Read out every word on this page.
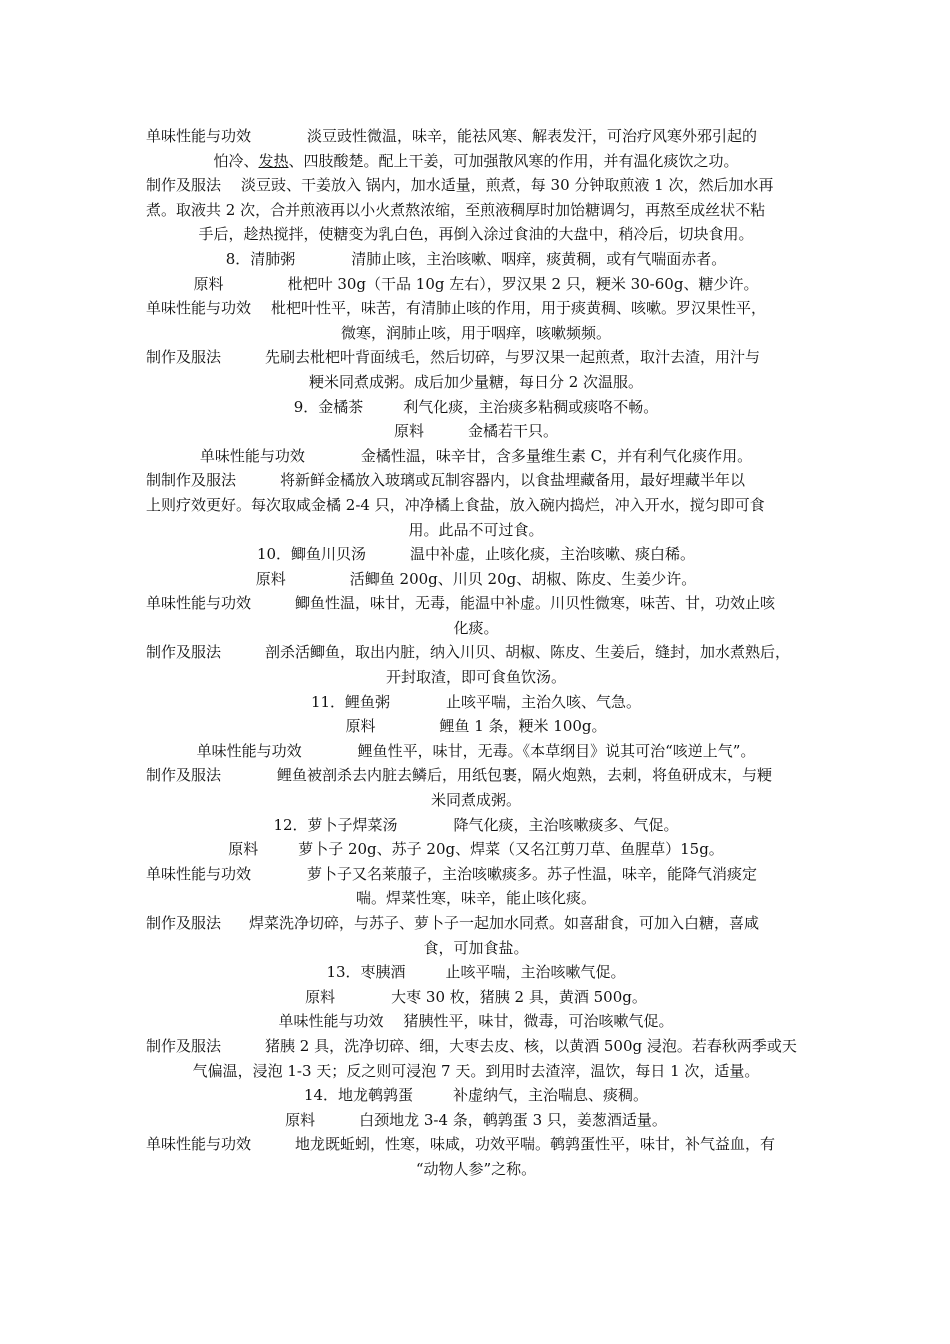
单味性能与功效	淡豆豉性微温，味辛，能祛风寒、解表发汗，可治疗风寒外邪引起的
怕冷、发热、四肢酸楚。配上干姜，可加强散风寒的作用，并有温化痰饮之功。
制作及服法 淡豆豉、干姜放入 锅内，加水适量，煎煮，每 30 分钟取煎液 1 次，然后加水再
煮。取液共 2 次，合并煎液再以小火煮熬浓缩，至煎液稠厚时加饴糖调匀，再熬至成丝状不粘
手后，趁热搅拌，使糖变为乳白色，再倒入涂过食油的大盘中，稍冷后，切块食用。
8．清肺粥	清肺止咳，主治咳嗽、咽痒，痰黄稠，或有气喘面赤者。
原料	枇杷叶 30g（干品 10g 左右），罗汉果 2 只，粳米 30-60g、糖少许。
单味性能与功效 枇杷叶性平，味苦，有清肺止咳的作用，用于痰黄稠、咳嗽。罗汉果性平，
微寒，润肺止咳，用于咽痒，咳嗽频频。
制作及服法	先刷去枇杷叶背面绒毛，然后切碎，与罗汉果一起煎煮，取汁去渣，用汁与
粳米同煮成粥。成后加少量糖，每日分 2 次温服。
9．金橘茶	利气化痰，主治痰多粘稠或痰咯不畅。
原料	金橘若干只。
单味性能与功效	金橘性温，味辛甘，含多量维生素 C，并有利气化痰作用。
制制作及服法	将新鲜金橘放入玻璃或瓦制容器内，以食盐埋藏备用，最好埋藏半年以
上则疗效更好。每次取咸金橘 2-4 只，冲净橘上食盐，放入碗内捣烂，冲入开水，搅匀即可食
用。此品不可过食。
10．鲫鱼川贝汤	温中补虚，止咳化痰，主治咳嗽、痰白稀。
原料	活鲫鱼 200g、川贝 20g、胡椒、陈皮、生姜少许。
单味性能与功效	鲫鱼性温，味甘，无毒，能温中补虚。川贝性微寒，味苦、甘，功效止咳
化痰。
制作及服法	剖杀活鲫鱼，取出内脏，纳入川贝、胡椒、陈皮、生姜后，缝封，加水煮熟后，
开封取渣，即可食鱼饮汤。
11．鲤鱼粥	止咳平喘，主治久咳、气急。
原料	鲤鱼 1 条，粳米 100g。
单味性能与功效	鲤鱼性平，味甘，无毒。《本草纲目》说其可治“咳逆上气”。
制作及服法	鲤鱼被剖杀去内脏去鳞后，用纸包裹，隔火炮熟，去刺，将鱼研成末，与粳
米同煮成粥。
12．萝卜子焊菜汤	降气化痰，主治咳嗽痰多、气促。
原料	萝卜子 20g、苏子 20g、焊菜（又名江剪刀草、鱼腥草）15g。
单味性能与功效	萝卜子又名莱菔子，主治咳嗽痰多。苏子性温，味辛，能降气消痰定
喘。焊菜性寒，味辛，能止咳化痰。
制作及服法 焊菜洗净切碎，与苏子、萝卜子一起加水同煮。如喜甜食，可加入白糖，喜咸
食，可加食盐。
13．枣胰酒	止咳平喘，主治咳嗽气促。
原料	大枣 30 枚，猪胰 2 具，黄酒 500g。
单味性能与功效 猪胰性平，味甘，微毒，可治咳嗽气促。
制作及服法	猪胰 2 具，洗净切碎、细，大枣去皮、核，以黄酒 500g 浸泡。若春秋两季或天
气偏温，浸泡 1-3 天；反之则可浸泡 7 天。到用时去渣滓，温饮，每日 1 次，适量。
14．地龙鹌鹑蛋	补虚纳气，主治喘息、痰稠。
原料	白颈地龙 3-4 条，鹌鹑蛋 3 只，姜葱酒适量。
单味性能与功效	地龙既蚯蚓，性寒，味咸，功效平喘。鹌鹑蛋性平，味甘，补气益血，有
“动物人参”之称。
